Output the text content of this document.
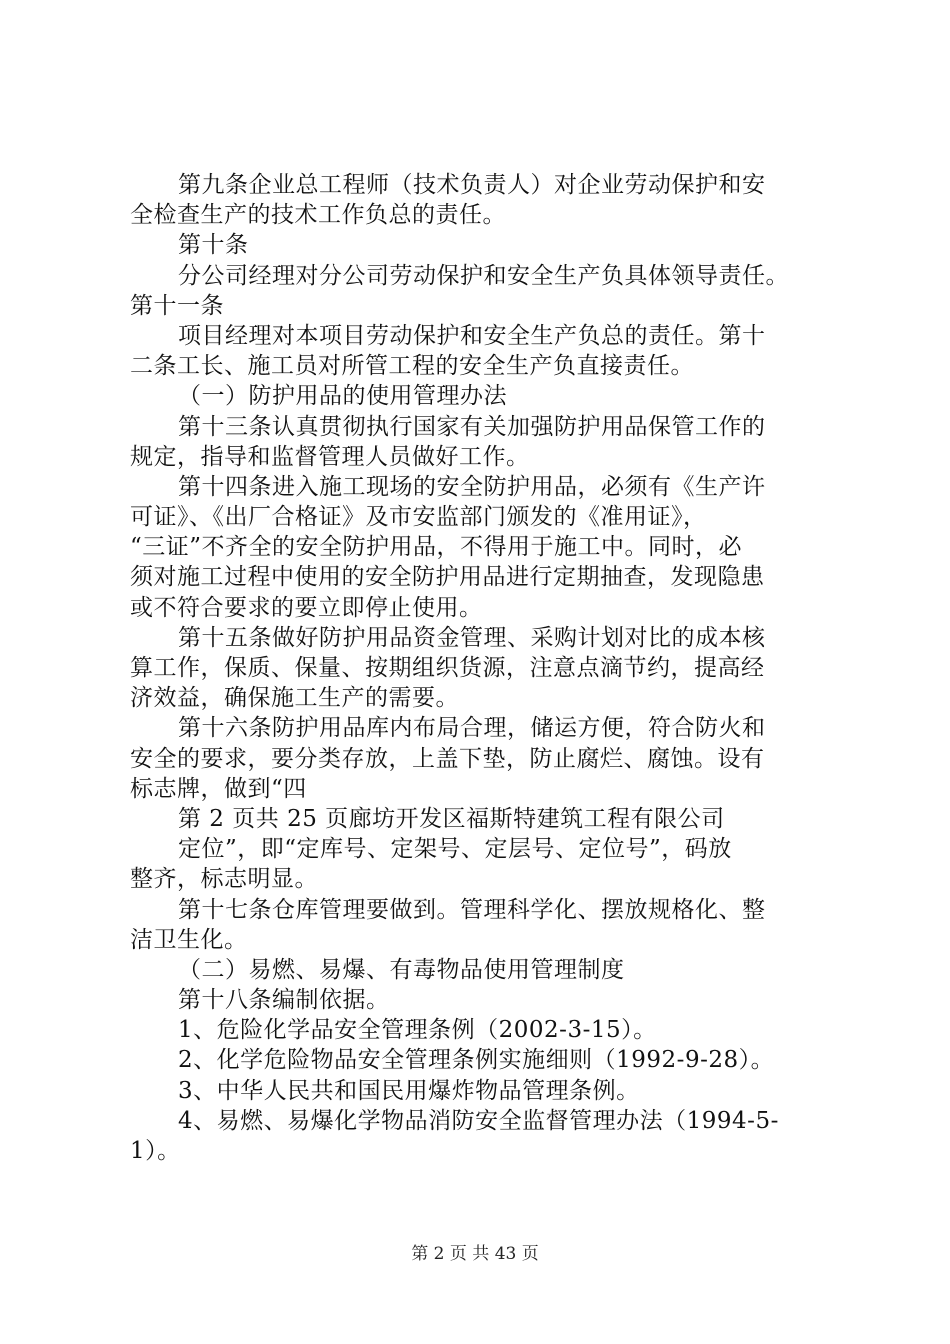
第九条企业总工程师（技术负责人）对企业劳动保护和安
全检查生产的技术工作负总的责任。
第十条
分公司经理对分公司劳动保护和安全生产负具体领导责任。
第十一条
项目经理对本项目劳动保护和安全生产负总的责任。第十
二条工长、施工员对所管工程的安全生产负直接责任。
（一）防护用品的使用管理办法
第十三条认真贯彻执行国家有关加强防护用品保管工作的
规定，指导和监督管理人员做好工作。
第十四条进入施工现场的安全防护用品，必须有《生产许
可证》、《出厂合格证》及市安监部门颁发的《准用证》，
“三证”不齐全的安全防护用品，不得用于施工中。同时，必
须对施工过程中使用的安全防护用品进行定期抽查，发现隐患
或不符合要求的要立即停止使用。
第十五条做好防护用品资金管理、采购计划对比的成本核
算工作，保质、保量、按期组织货源，注意点滴节约，提高经
济效益，确保施工生产的需要。
第十六条防护用品库内布局合理，储运方便，符合防火和
安全的要求，要分类存放，上盖下垫，防止腐烂、腐蚀。设有
标志牌，做到“四
第 2 页共 25 页廊坊开发区福斯特建筑工程有限公司
定位”，即“定库号、定架号、定层号、定位号”，码放
整齐，标志明显。
第十七条仓库管理要做到。管理科学化、摆放规格化、整
洁卫生化。
（二）易燃、易爆、有毒物品使用管理制度
第十八条编制依据。
1、危险化学品安全管理条例（2002-3-15）。
2、化学危险物品安全管理条例实施细则（1992-9-28）。
3、中华人民共和国民用爆炸物品管理条例。
4、易燃、易爆化学物品消防安全监督管理办法（1994-5-
1）。
第 2 页 共 43 页
